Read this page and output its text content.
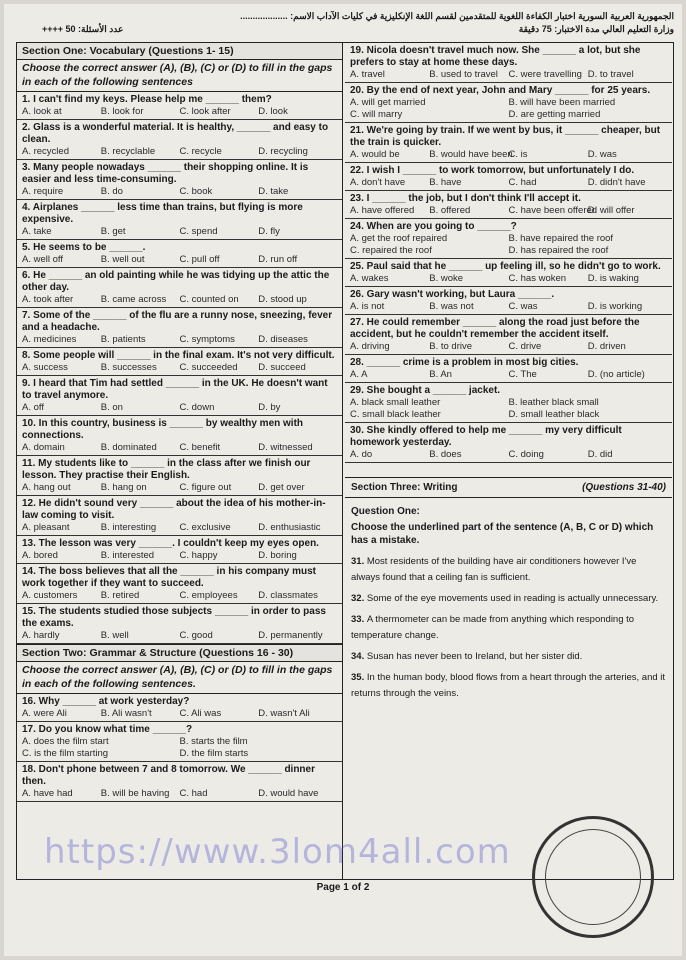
الجمهورية العربية السورية اختبار الكفاءة اللغوية للمتقدمين لقسم اللغة الإنكليزية في كليات الآداب الاسم: ...................
وزارة التعليم العالي مدة الاختبار: 75 دقيقة
عدد الأسئلة: 50 ++++
Section One: Vocabulary (Questions 1- 15)
Choose the correct answer (A), (B), (C) or (D) to fill in the gaps in each of the following sentences
1. I can't find my keys. Please help me ______ them?
A. look at	B. look for	C. look after	D. look
2. Glass is a wonderful material. It is healthy, ______ and easy to clean.
A. recycled	B. recyclable	C. recycle	D. recycling
3. Many people nowadays ______ their shopping online. It is easier and less time-consuming.
A. require	B. do	C. book	D. take
4. Airplanes ______ less time than trains, but flying is more expensive.
A. take	B. get	C. spend	D. fly
5. He seems to be ______.
A. well off	B. well out	C. pull off	D. run off
6. He ______ an old painting while he was tidying up the attic the other day.
A. took after	B. came across	C. counted on	D. stood up
7. Some of the ______ of the flu are a runny nose, sneezing, fever and a headache.
A. medicines	B. patients	C. symptoms	D. diseases
8. Some people will ______ in the final exam. It's not very difficult.
A. success	B. successes	C. succeeded	D. succeed
9. I heard that Tim had settled ______ in the UK. He doesn't want to travel anymore.
A. off	B. on	C. down	D. by
10. In this country, business is ______ by wealthy men with connections.
A. domain	B. dominated	C. benefit	D. witnessed
11. My students like to ______ in the class after we finish our lesson. They practise their English.
A. hang out	B. hang on	C. figure out	D. get over
12. He didn't sound very ______ about the idea of his mother-in-law coming to visit.
A. pleasant	B. interesting	C. exclusive	D. enthusiastic
13. The lesson was very ______. I couldn't keep my eyes open.
A. bored	B. interested	C. happy	D. boring
14. The boss believes that all the ______ in his company must work together if they want to succeed.
A. customers	B. retired	C. employees	D. classmates
15. The students studied those subjects ______ in order to pass the exams.
A. hardly	B. well	C. good	D. permanently
Section Two: Grammar & Structure (Questions 16 - 30)
Choose the correct answer (A), (B), (C) or (D) to fill in the gaps in each of the following sentences.
16. Why ______ at work yesterday?
A. were Ali	B. Ali wasn't	C. Ali was	D. wasn't Ali
17. Do you know what time ______?
A. does the film start	B. starts the film
C. is the film starting	D. the film starts
18. Don't phone between 7 and 8 tomorrow. We ______ dinner then.
A. have had	B. will be having	C. had	D. would have
19. Nicola doesn't travel much now. She ______ a lot, but she prefers to stay at home these days.
A. travel	B. used to travel	C. were travelling D. to travel
20. By the end of next year, John and Mary ______ for 25 years.
A. will get married	B. will have been married
C. will marry	D. are getting married
21. We're going by train. If we went by bus, it ______ cheaper, but the train is quicker.
A. would be	B. would have been
C. is	D. was
22. I wish I ______ to work tomorrow, but unfortunately I do.
A. don't have	B. have	C. had	D. didn't have
23. I ______ the job, but I don't think I'll accept it.
A. have offered	B. offered	C. have been offered
D. will offer
24. When are you going to ______?
A. get the roof repaired	B. have repaired the roof
C. repaired the roof	D. has repaired the roof
25. Paul said that he ______ up feeling ill, so he didn't go to work.
A. wakes	B. woke	C. has woken	D. is waking
26. Gary wasn't working, but Laura ______.
A. is not	B. was not	C. was	D. is working
27. He could remember ______ along the road just before the accident, but he couldn't remember the accident itself.
A. driving	B. to drive	C. drive	D. driven
28. ______ crime is a problem in most big cities.
A. A	B. An	C. The	D. (no article)
29. She bought a ______ jacket.
A. black small leather	B. leather black small
C. small black leather	D. small leather black
30. She kindly offered to help me ______ my very difficult homework yesterday.
A. do	B. does	C. doing	D. did
Section Three: Writing	(Questions 31-40)
Question One:
Choose the underlined part of the sentence (A, B, C or D) which has a mistake.
31. Most residents of the building have air conditioners however I've always found that a ceiling fan is sufficient.
32. Some of the eye movements used in reading is actually unnecessary.
33. A thermometer can be made from anything which responding to temperature change.
34. Susan has never been to Ireland, but her sister did.
35. In the human body, blood flows from a heart through the arteries, and it returns through the veins.
https://www.3lom4all.com
Page 1 of 2
